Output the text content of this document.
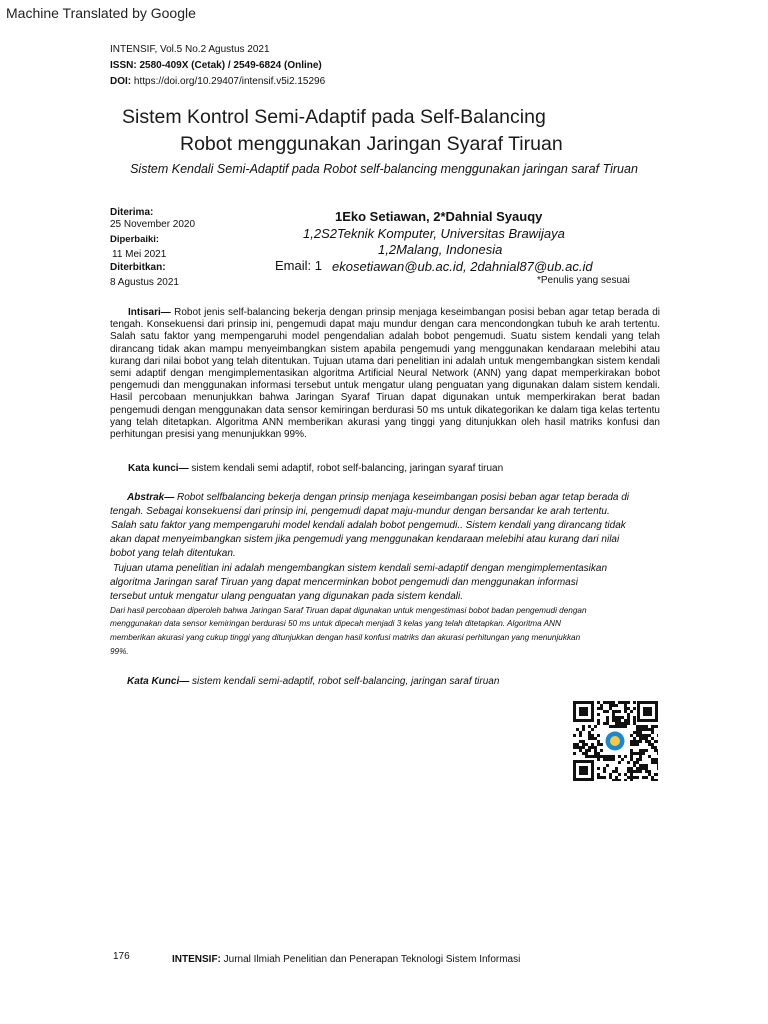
Machine Translated by Google
INTENSIF, Vol.5 No.2 Agustus 2021
ISSN: 2580-409X (Cetak) / 2549-6824 (Online)
DOI: https://doi.org/10.29407/intensif.v5i2.15296
Sistem Kontrol Semi-Adaptif pada Self-Balancing
Robot menggunakan Jaringan Syaraf Tiruan
Sistem Kendali Semi-Adaptif pada Robot self-balancing menggunakan jaringan saraf Tiruan
Diterima:
25 November 2020
Diperbaiki:
11 Mei 2021
Diterbitkan:
8 Agustus 2021
1Eko Setiawan, 2*Dahnial Syauqy
1,2S2Teknik Komputer, Universitas Brawijaya
1,2Malang, Indonesia
Email: 1 ekosetiawan@ub.ac.id, 2dahnial87@ub.ac.id
*Penulis yang sesuai
Intisari— Robot jenis self-balancing bekerja dengan prinsip menjaga keseimbangan posisi beban agar tetap berada di tengah. Konsekuensi dari prinsip ini, pengemudi dapat maju mundur dengan cara mencondongkan tubuh ke arah tertentu. Salah satu faktor yang mempengaruhi model pengendalian adalah bobot pengemudi. Suatu sistem kendali yang telah dirancang tidak akan mampu menyeimbangkan sistem apabila pengemudi yang menggunakan kendaraan melebihi atau kurang dari nilai bobot yang telah ditentukan. Tujuan utama dari penelitian ini adalah untuk mengembangkan sistem kendali semi adaptif dengan mengimplementasikan algoritma Artificial Neural Network (ANN) yang dapat memperkirakan bobot pengemudi dan menggunakan informasi tersebut untuk mengatur ulang penguatan yang digunakan dalam sistem kendali. Hasil percobaan menunjukkan bahwa Jaringan Syaraf Tiruan dapat digunakan untuk memperkirakan berat badan pengemudi dengan menggunakan data sensor kemiringan berdurasi 50 ms untuk dikategorikan ke dalam tiga kelas tertentu yang telah ditetapkan. Algoritma ANN memberikan akurasi yang tinggi yang ditunjukkan oleh hasil matriks konfusi dan perhitungan presisi yang menunjukkan 99%.
Kata kunci— sistem kendali semi adaptif, robot self-balancing, jaringan syaraf tiruan
Abstrak— Robot selfbalancing bekerja dengan prinsip menjaga keseimbangan posisi beban agar tetap berada di
tengah. Sebagai konsekuensi dari prinsip ini, pengemudi dapat maju-mundur dengan bersandar ke arah tertentu.
Salah satu faktor yang mempengaruhi model kendali adalah bobot pengemudi.. Sistem kendali yang dirancang tidak
akan dapat menyeimbangkan sistem jika pengemudi yang menggunakan kendaraan melebihi atau kurang dari nilai
bobot yang telah ditentukan.
Tujuan utama penelitian ini adalah mengembangkan sistem kendali semi-adaptif dengan mengimplementasikan
algoritma Jaringan saraf Tiruan yang dapat mencerminkan bobot pengemudi dan menggunakan informasi
tersebut untuk mengatur ulang penguatan yang digunakan pada sistem kendali.
Dari hasil percobaan diperoleh bahwa Jaringan Saraf Tiruan dapat digunakan untuk mengestimasi bobot badan pengemudi dengan
menggunakan data sensor kemiringan berdurasi 50 ms untuk dipecah menjadi 3 kelas yang telah ditetapkan. Algoritma ANN
memberikan akurasi yang cukup tinggi yang ditunjukkan dengan hasil konfusi matriks dan akurasi perhitungan yang menunjukkan
99%.
Kata Kunci— sistem kendali semi-adaptif, robot self-balancing, jaringan saraf tiruan
176	INTENSIF: Jurnal Ilmiah Penelitian dan Penerapan Teknologi Sistem Informasi
